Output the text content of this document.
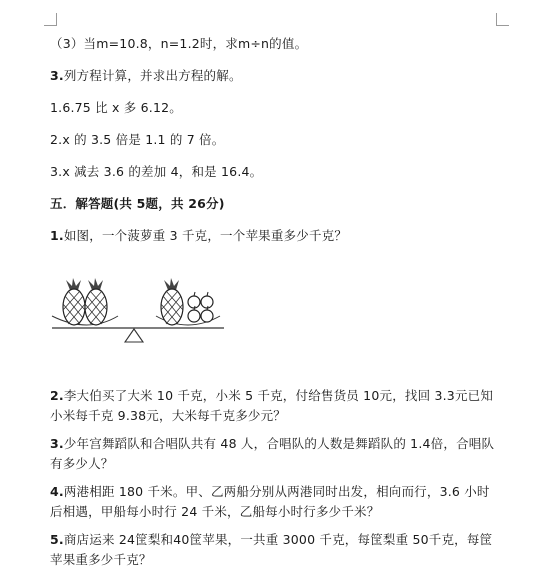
（3）当m=10.8，n=1.2时，求m÷n的值。
3.列方程计算，并求出方程的解。
1.6.75 比 x 多 6.12。
2.x 的 3.5 倍是 1.1 的 7 倍。
3.x 减去 3.6 的差加 4，和是 16.4。
五．解答题(共 5题，共 26分)
1.如图，一个菠萝重 3 千克，一个苹果重多少千克？
2.李大伯买了大米 10 千克，小米 5 千克，付给售货员 10元，找回 3.3元已知小米每千克 9.38元，大米每千克多少元？
3.少年宫舞蹈队和合唱队共有 48 人，合唱队的人数是舞蹈队的 1.4倍，合唱队有多少人？
4.两港相距 180 千米。甲、乙两船分别从两港同时出发，相向而行，3.6 小时后相遇，甲船每小时行 24 千米，乙船每小时行多少千米？
5.商店运来 24筐梨和40筐苹果，一共重 3000 千克，每筐梨重 50千克，每筐苹果重多少千克？
